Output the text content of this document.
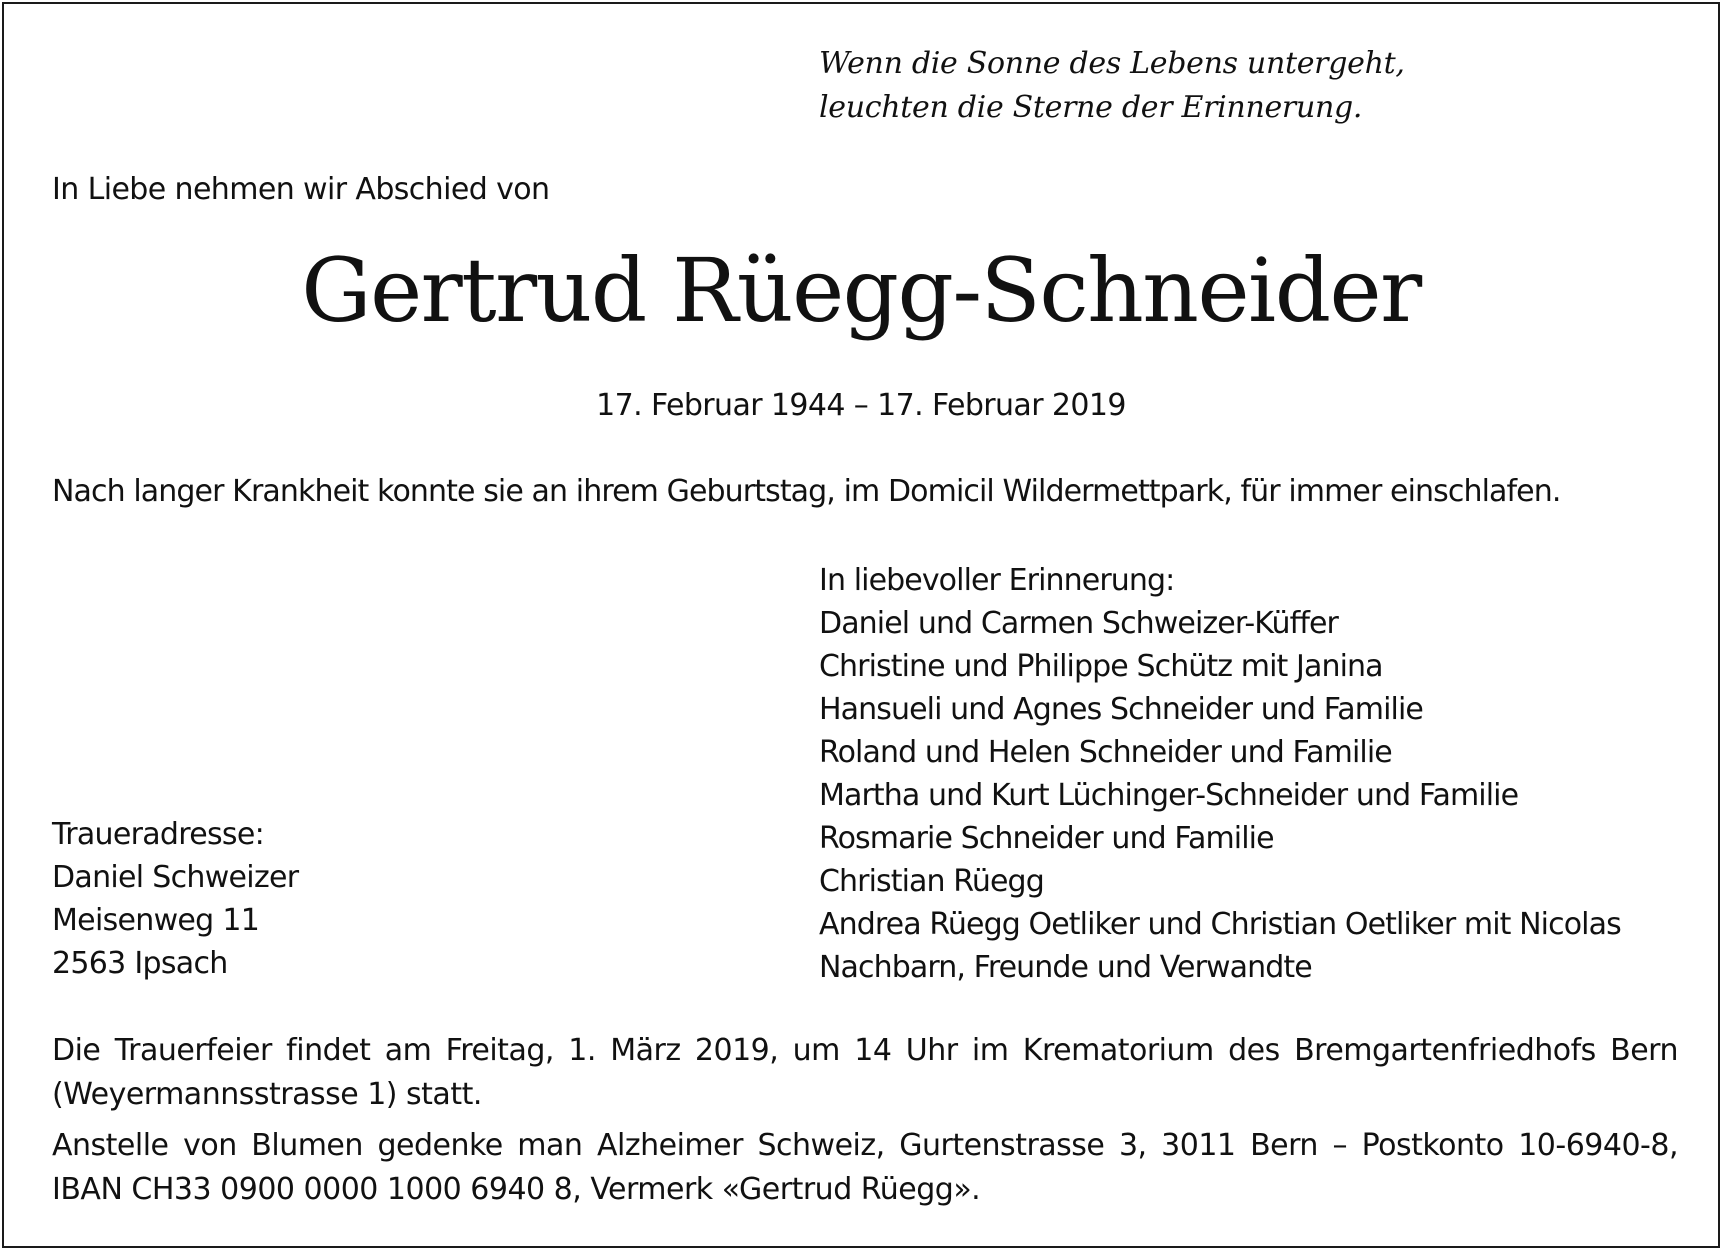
Wenn die Sonne des Lebens untergeht,
leuchten die Sterne der Erinnerung.
In Liebe nehmen wir Abschied von
Gertrud Rüegg-Schneider
17. Februar 1944 – 17. Februar 2019
Nach langer Krankheit konnte sie an ihrem Geburtstag, im Domicil Wildermettpark, für immer einschlafen.
In liebevoller Erinnerung:
Daniel und Carmen Schweizer-Küffer
Christine und Philippe Schütz mit Janina
Hansueli und Agnes Schneider und Familie
Roland und Helen Schneider und Familie
Martha und Kurt Lüchinger-Schneider und Familie
Rosmarie Schneider und Familie
Christian Rüegg
Andrea Rüegg Oetliker und Christian Oetliker mit Nicolas
Nachbarn, Freunde und Verwandte
Traueradresse:
Daniel Schweizer
Meisenweg 11
2563 Ipsach
Die Trauerfeier findet am Freitag, 1. März 2019, um 14 Uhr im Krematorium des Bremgartenfriedhofs Bern
(Weyermannsstrasse 1) statt.
Anstelle von Blumen gedenke man Alzheimer Schweiz, Gurtenstrasse 3, 3011 Bern – Postkonto 10-6940-8,
IBAN CH33 0900 0000 1000 6940 8, Vermerk «Gertrud Rüegg».
